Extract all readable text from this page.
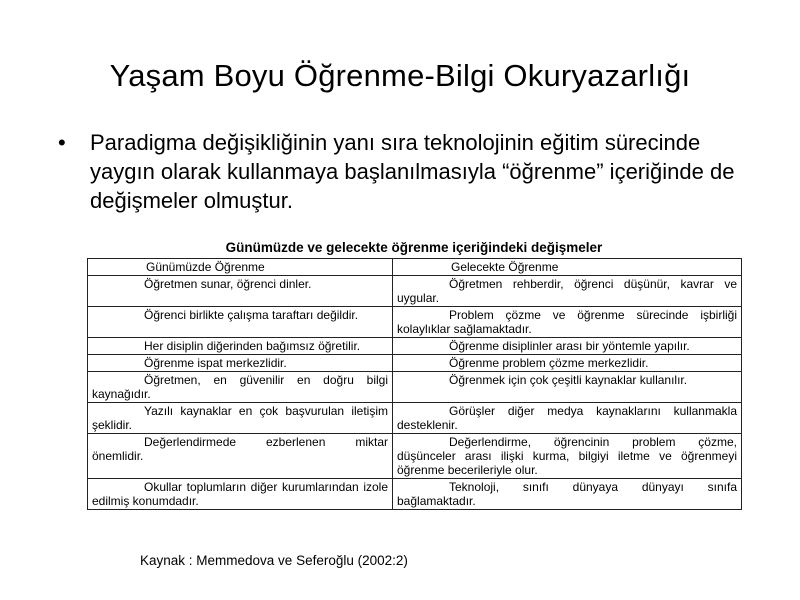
Yaşam Boyu Öğrenme-Bilgi Okuryazarlığı
• Paradigma değişikliğinin yanı sıra teknolojinin eğitim sürecinde yaygın olarak kullanmaya başlanılmasıyla “öğrenme” içeriğinde de değişmeler olmuştur.
Günümüzde ve gelecekte öğrenme içeriğindeki değişmeler
Günümüzde Öğrenme	Gelecekte Öğrenme
Öğretmen sunar, öğrenci dinler.	Öğretmen rehberdir, öğrenci düşünür, kavrar ve uygular.
Öğrenci birlikte çalışma taraftarı değildir.	Problem çözme ve öğrenme sürecinde işbirliği kolaylıklar sağlamaktadır.
Her disiplin diğerinden bağımsız öğretilir.	Öğrenme disiplinler arası bir yöntemle yapılır.
Öğrenme ispat merkezlidir.	Öğrenme problem çözme merkezlidir.
Öğretmen, en güvenilir en doğru bilgi kaynağıdır.	Öğrenmek için çok çeşitli kaynaklar kullanılır.
Yazılı kaynaklar en çok başvurulan iletişim şeklidir.	Görüşler diğer medya kaynaklarını kullanmakla desteklenir.
Değerlendirmede ezberlenen miktar önemlidir.	Değerlendirme, öğrencinin problem çözme, düşünceler arası ilişki kurma, bilgiyi iletme ve öğrenmeyi öğrenme becerileriyle olur.
Okullar toplumların diğer kurumlarından izole edilmiş konumdadır.	Teknoloji, sınıfı dünyaya dünyayı sınıfa bağlamaktadır.
Kaynak : Memmedova ve Seferoğlu (2002:2)
